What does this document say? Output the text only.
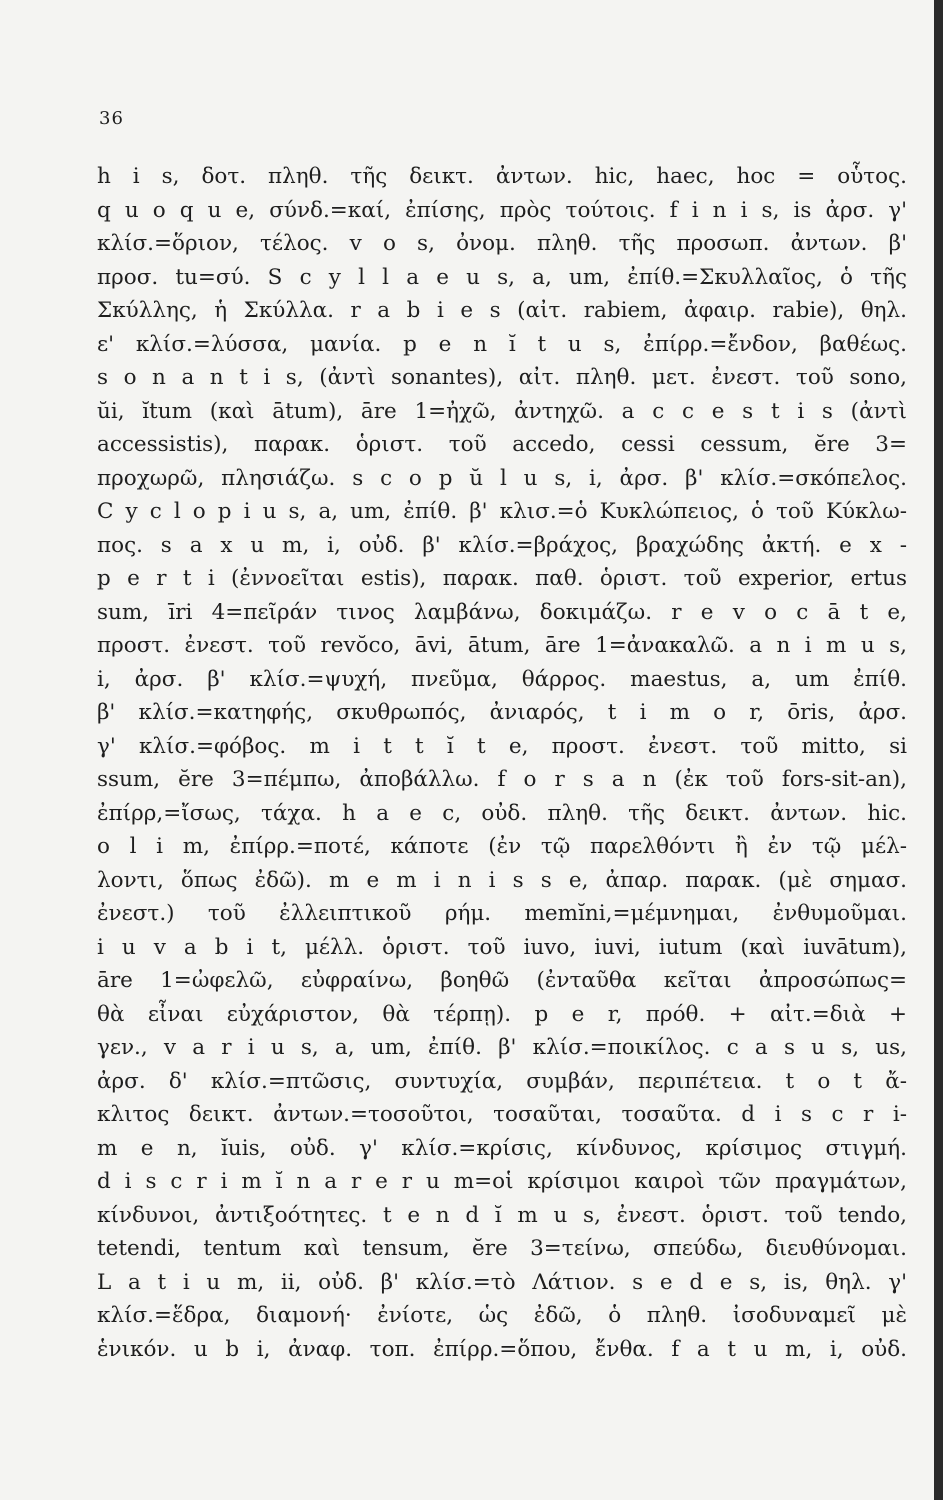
36
h i s, δοτ. πληθ. τῆς δεικτ. ἀντων. hic, haec, hoc = οὗτος.
q u o q u e, σύνδ.=καί, ἐπίσης, πρὸς τούτοις. f i n i s, is ἀρσ. γ'
κλίσ.=ὅριον, τέλος. v o s, ὀνομ. πληθ. τῆς προσωπ. ἀντων. β'
προσ. tu=σύ. S c y l l a e u s, a, um, ἐπίθ.=Σκυλλαῖος, ὁ τῆς
Σκύλλης, ἡ Σκύλλα. r a b i e s (αἰτ. rabiem, ἀφαιρ. rabie), θηλ.
ε' κλίσ.=λύσσα, μανία. p e n ĭ t u s, ἐπίρρ.=ἔνδον, βαθέως.
s o n a n t i s, (ἀντὶ sonantes), αἰτ. πληθ. μετ. ἐνεστ. τοῦ sono,
ŭi, ĭtum (καὶ ātum), āre 1=ἠχῶ, ἀντηχῶ. a c c e s t i s (ἀντὶ
accessistis), παρακ. ὁριστ. τοῦ accedo, cessi cessum, ĕre 3=
προχωρῶ, πλησιάζω. s c o p ŭ l u s, i, ἀρσ. β' κλίσ.=σκόπελος.
C y c l o p i u s, a, um, ἐπίθ. β' κλισ.=ὁ Κυκλώπειος, ὁ τοῦ Κύκλω-
πος. s a x u m, i, οὐδ. β' κλίσ.=βράχος, βραχώδης ἀκτή. e x -
p e r t i (ἐννοεῖται estis), παρακ. παθ. ὁριστ. τοῦ experior, ertus
sum, īri 4=πεῖράν τινος λαμβάνω, δοκιμάζω. r e v o c ā t e,
προστ. ἐνεστ. τοῦ revŏco, āvi, ātum, āre 1=ἀνακαλῶ. a n i m u s,
i, ἀρσ. β' κλίσ.=ψυχή, πνεῦμα, θάρρος. maestus, a, um ἐπίθ.
β' κλίσ.=κατηφής, σκυθρωπός, ἀνιαρός, t i m o r, ōris, ἀρσ.
γ' κλίσ.=φόβος. m i t t ĭ t e, προστ. ἐνεστ. τοῦ mitto, si
ssum, ĕre 3=πέμπω, ἀποβάλλω. f o r s a n (ἐκ τοῦ fors-sit-an),
ἐπίρρ,=ἴσως, τάχα. h a e c, οὐδ. πληθ. τῆς δεικτ. ἀντων. hic.
o l i m, ἐπίρρ.=ποτέ, κάποτε (ἐν τῷ παρελθόντι ἢ ἐν τῷ μέλ-
λοντι, ὅπως ἐδῶ). m e m i n i s s e, ἀπαρ. παρακ. (μὲ σημασ.
ἐνεστ.) τοῦ ἐλλειπτικοῦ ρήμ. memĭni,=μέμνημαι, ἐνθυμοῦμαι.
i u v a b i t, μέλλ. ὁριστ. τοῦ iuvo, iuvi, iutum (καὶ iuvātum),
āre 1=ὠφελῶ, εὐφραίνω, βοηθῶ (ἐνταῦθα κεῖται ἀπροσώπως=
θὰ εἶναι εὐχάριστον, θὰ τέρπῃ). p e r, πρόθ. + αἰτ.=διὰ +
γεν., v a r i u s, a, um, ἐπίθ. β' κλίσ.=ποικίλος. c a s u s, us,
ἀρσ. δ' κλίσ.=πτῶσις, συντυχία, συμβάν, περιπέτεια. t o t ἄ-
κλιτος δεικτ. ἀντων.=τοσοῦτοι, τοσαῦται, τοσαῦτα. d i s c r i-
m e n, ĭuis, οὐδ. γ' κλίσ.=κρίσις, κίνδυνος, κρίσιμος στιγμή.
d i s c r i m ĭ n a r e r u m=οἱ κρίσιμοι καιροὶ τῶν πραγμάτων,
κίνδυνοι, ἀντιξοότητες. t e n d ĭ m u s, ἐνεστ. ὁριστ. τοῦ tendo,
tetendi, tentum καὶ tensum, ĕre 3=τείνω, σπεύδω, διευθύνομαι.
L a t i u m, ii, οὐδ. β' κλίσ.=τὸ Λάτιον. s e d e s, is, θηλ. γ'
κλίσ.=ἕδρα, διαμονή· ἐνίοτε, ὡς ἐδῶ, ὁ πληθ. ἰσοδυναμεῖ μὲ
ἑνικόν. u b i, ἀναφ. τοπ. ἐπίρρ.=ὅπου, ἔνθα. f a t u m, i, οὐδ.
